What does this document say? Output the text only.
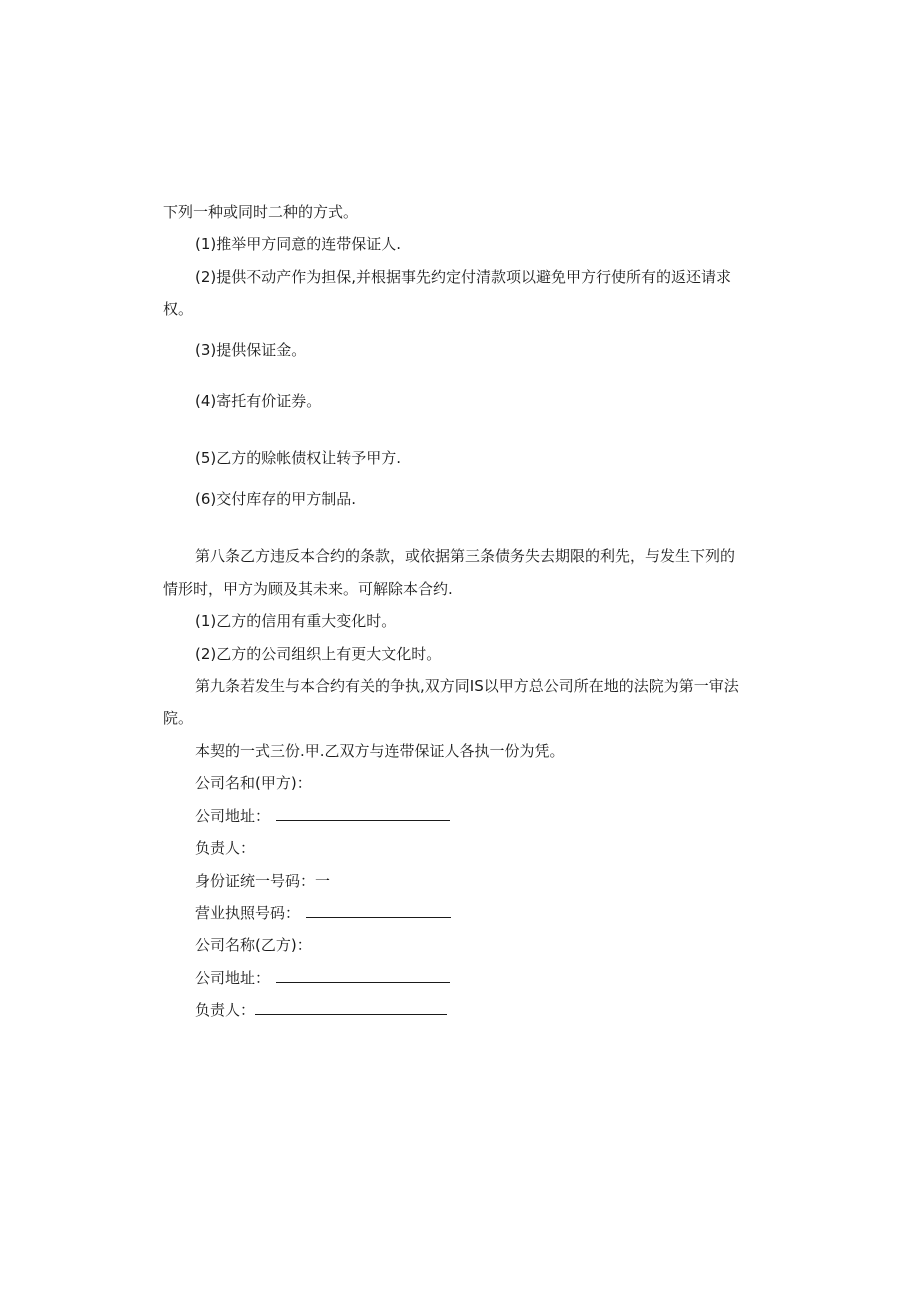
下列一种或同时二种的方式。
(1)推举甲方同意的连带保证人.
(2)提供不动产作为担保,并根据事先约定付清款项以避免甲方行使所有的返还请求
权。
(3)提供保证金。
(4)寄托有价证券。
(5)乙方的赊帐债权让转予甲方.
(6)交付库存的甲方制品.
第八条乙方违反本合约的条款，或依据第三条债务失去期限的利先，与发生下列的
情形时，甲方为顾及其未来。可解除本合约.
(1)乙方的信用有重大变化时。
(2)乙方的公司组织上有更大文化时。
第九条若发生与本合约有关的争执,双方同IS以甲方总公司所在地的法院为第一审法
院。
本契的一式三份.甲.乙双方与连带保证人各执一份为凭。
公司名和(甲方)：
公司地址：
负责人：
身份证统一号码：一
营业执照号码：
公司名称(乙方)：
公司地址：
负责人：
